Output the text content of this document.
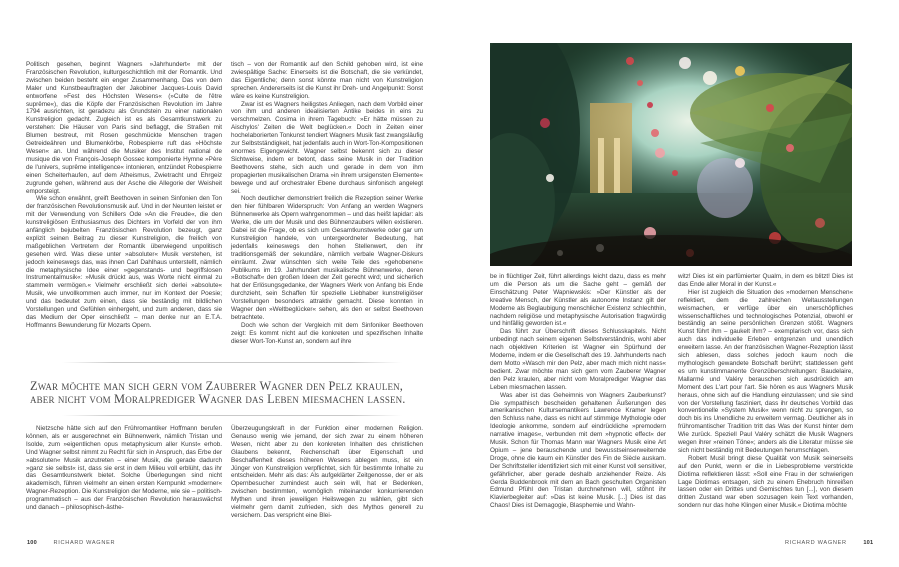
Politisch gesehen, beginnt Wagners »Jahrhundert« mit der Französischen Revolution, kulturgeschichtlich mit der Romantik. Und zwischen beiden besteht ein enger Zusammenhang. Das von dem Maler und Kunstbeauftragten der Jakobiner Jacques-Louis David entworfene »Fest des Höchsten Wesens« (»Culte de l'être suprême«), das die Köpfe der Französischen Revolution im Jahre 1794 ausrichten, ist geradezu als Grundstein zu einer nationalen Kunstreligion gedacht. Zugleich ist es als Gesamtkunstwerk zu verstehen: Die Häuser von Paris sind beflaggt, die Straßen mit Blumen bestreut, mit Rosen geschmückte Menschen tragen Getreideähren und Blumenkörbe, Robespierre ruft das »Höchste Wesen« an. Und während die Musiker des Institut national de musique die von François-Joseph Gossec komponierte Hymne »Père de l'univers, suprême intelligence« intonieren, entzündet Robespierre einen Scheiterhaufen, auf dem Atheismus, Zwietracht und Ehrgeiz zugrunde gehen, während aus der Asche die Allegorie der Weisheit emporsteigt.

Wie schon erwähnt, greift Beethoven in seinen Sinfonien den Ton der französischen Revolutionsmusik auf. Und in der Neunten leistet er mit der Verwendung von Schillers Ode »An die Freude«, die den kunstreligiösen Enthusiasmus des Dichters im Vorfeld der von ihm anfänglich bejubelten Französischen Revolution bezeugt, ganz explizit seinen Beitrag zu dieser Kunstreligion, die freilich von maßgeblichen Vertretern der Romantik überwiegend unpolitisch gesehen wird. Was diese unter »absoluter« Musik verstehen, ist jedoch keineswegs das, was ihnen Carl Dahlhaus unterstellt, nämlich die metaphysische Idee einer »gegenstands- und begriffslosen Instrumentalmusik«: »Musik drückt aus, was Worte nicht einmal zu stammeln vermögen.« Vielmehr erschließt sich derlei »absolute« Musik, wie unvollkommen auch immer, nur im Kontext der Poesie; und das bedeutet zum einen, dass sie beständig mit bildlichen Vorstellungen und Gefühlen einhergeht, und zum anderen, dass sie das Medium der Oper einschließt – man denke nur an E.T.A. Hoffmanns Bewunderung für Mozarts Opern.

tisch – von der Romantik auf den Schild gehoben wird, ist eine zwiespältige Sache: Einerseits ist die Botschaft, die sie verkündet, das Eigentliche; denn sonst könnte man nicht von Kunstreligion sprechen. Andererseits ist die Kunst ihr Dreh- und Angelpunkt: Sonst wäre es keine Kunstreligion.

Zwar ist es Wagners heiligstes Anliegen, nach dem Vorbild einer von ihm und anderen idealisierten Antike beides in eins zu verschmelzen. Cosima in ihrem Tagebuch: »Er hätte müssen zu Aischylos' Zeiten die Welt beglücken.« Doch in Zeiten einer hochelaborierten Tonkunst tendiert Wagners Musik fast zwangsläufig zur Selbstständigkeit, hat jedenfalls auch in Wort-Ton-Kompositionen enormes Eigengewicht. Wagner selbst bekennt sich zu dieser Sichtweise, indem er betont, dass seine Musik in der Tradition Beethovens stehe, sich auch und gerade in dem von ihm propagierten musikalischen Drama »in ihrem ursigensten Elemente« bewege und auf orchestraler Ebene durchaus sinfonisch angelegt sei.

Noch deutlicher demonstriert freilich die Rezeption seiner Werke den hier fühlbaren Widerspruch: Von Anfang an werden Wagners Bühnenwerke als Opern wahrgenommen – und das heißt lapidar: als Werke, die um der Musik und des Bühnenzaubers willen existieren. Dabei ist die Frage, ob es sich um Gesamtkunstwerke oder gar um Kunstreligion handele, von untergeordneter Bedeutung, hat jedenfalls keineswegs den hohen Stellenwert, den ihr traditionsgemäß der sekundäre, nämlich verbale Wagner-Diskurs einräumt. Zwar wünschten sich weite Teile des »gehobenen« Publikums im 19. Jahrhundert musikalische Bühnenwerke, deren »Botschaft« den großen Ideen der Zeit gerecht wird; und sicherlich hat der Erlösungsgedanke, der Wagners Werk von Anfang bis Ende durchzieht, sein Schaffen für spezielle Liebhaber kunstreligiöser Vorstellungen besonders attraktiv gemacht. Diese konnten in Wagner den »Weltbeglücker« sehen, als den er selbst Beethoven betrachtete.

Doch wie schon der Vergleich mit dem Sinfoniker Beethoven zeigt: Es kommt nicht auf die konkreten und spezifischen Inhalte dieser Wort-Ton-Kunst an, sondern auf ihre

Zwar möchte man sich gern vom Zauberer Wagner den Pelz kraulen,
aber nicht vom Moralprediger Wagner das Leben miesmachen lassen.

Nietzsche hätte sich auf den Frühromantiker Hoffmann berufen können, als er ausgerechnet ein Bühnenwerk, nämlich Tristan und Isolde, zum »eigentlichen opus metaphysicum aller Kunst« erhob. Und Wagner selbst nimmt zu Recht für sich in Anspruch, das Erbe der »absoluten« Musik anzutreten – einer Musik, die gerade dadurch »ganz sie selbst« ist, dass sie erst in dem Milieu voll erblüht, das ihr das Gesamtkunstwerk bietet. Solche Überlegungen sind nicht akademisch, führen vielmehr an einen ersten Kernpunkt »moderner« Wagner-Rezeption. Die Kunstreligion der Moderne, wie sie – politisch-programmatisch – aus der Französischen Revolution herauswächst und danach – philosophisch-ästhe-

Überzeugungskraft in der Funktion einer modernen Religion. Genauso wenig wie jemand, der sich zwar zu einem höheren Wesen, nicht aber zu den konkreten Inhalten des christlichen Glaubens bekennt, Rechenschaft über Eigenschaft und Beschaffenheit dieses höheren Wesens ablegen muss, ist ein Jünger von Kunstreligion verpflichtet, sich für bestimmte Inhalte zu entscheiden. Mehr als das: Als aufgeklärter Zeitgenosse, der er als Opernbesucher zumindest auch sein will, hat er Bedenken, zwischen bestimmten, womöglich miteinander konkurrierenden Mythen und ihren jeweiligen Heilswegen zu wählen, gibt sich vielmehr gern damit zufrieden, sich des Mythos generell zu versichern. Das verspricht eine Blei-

100	RICHARD WAGNER

be in flüchtiger Zeit, führt allerdings leicht dazu, dass es mehr um die Person als um die Sache geht – gemäß der Einschätzung Peter Wapniewskis: »Der Künstler als der kreative Mensch, der Künstler als autonome Instanz gilt der Moderne als Beglaubigung menschlicher Existenz schlechthin, nachdem religiöse und metaphysische Autorisation fragwürdig und hinfällig geworden ist.«

Das führt zur Überschrift dieses Schlusskapitels. Nicht unbedingt nach seinem eigenen Selbstverständnis, wohl aber nach objektiven Kriterien ist Wagner ein Spürhund der Moderne, indem er die Gesellschaft des 19. Jahrhunderts nach dem Motto »Wasch mir den Pelz, aber mach mich nicht nass« bedient. Zwar möchte man sich gern vom Zauberer Wagner den Pelz kraulen, aber nicht vom Moralprediger Wagner das Leben miesmachen lassen.

Was aber ist das Geheimnis von Wagners Zauberkunst? Die sympathisch bescheiden gehaltenen Äußerungen des amerikanischen Kultursemantikers Lawrence Kramer legen den Schluss nahe, dass es nicht auf stimmige Mythologie oder Ideologie ankomme, sondern auf eindrückliche »premodern narrative images«, verbunden mit dem »hypnotic effect« der Musik. Schon für Thomas Mann war Wagners Musik eine Art Opium – jene berauschende und bewusstseinserweiternde Droge, ohne die kaum ein Künstler des Fin de Siècle auskam. Der Schriftsteller identifiziert sich mit einer Kunst voll sensitiver, gefährlicher, aber gerade deshalb anziehender Reize. Als Gerda Buddenbrook mit dem an Bach geschulten Organisten Edmund Pfühl den Tristan durchnehmen will, stöhnt ihr Klavierbegleiter auf: »Das ist keine Musik. [...] Dies ist das Chaos! Dies ist Demagogie, Blasphemie und Wahn-

witz! Dies ist ein parfümierter Qualm, in dem es blitzt! Dies ist das Ende aller Moral in der Kunst.«

Hier ist zugleich die Situation des »modernen Menschen« reflektiert, dem die zahlreichen Weltausstellungen weismachen, er verfüge über ein unerschöpfliches wissenschaftliches und technologisches Potenzial, obwohl er beständig an seine persönlichen Grenzen stößt. Wagners Kunst führt ihm – gaukelt ihm? – exemplarisch vor, dass sich auch das individuelle Erleben entgrenzen und unendlich erweitern lasse. An der französischen Wagner-Rezeption lässt sich ablesen, dass solches jedoch kaum noch die mythologisch gewandete Botschaft berührt; stattdessen geht es um kunstimmanente Grenzüberschreitungen: Baudelaire, Mallarmé und Valéry berauschen sich ausdrücklich am Moment des L'art pour l'art. Sie hören es aus Wagners Musik heraus, ohne sich auf die Handlung einzulassen; und sie sind von der Vorstellung fasziniert, dass ihr deutsches Vorbild das konventionelle »System Musik« wenn nicht zu sprengen, so doch bis ins Unendliche zu erweitern vermag. Deutlicher als in frühromantischer Tradition tritt das Was der Kunst hinter dem Wie zurück. Speziell Paul Valéry schätzt die Musik Wagners wegen ihrer »reinen Töne«; anders als die Literatur müsse sie sich nicht beständig mit Bedeutungen herumschlagen.

Robert Musil bringt diese Qualität von Musik seinerseits auf den Punkt, wenn er die in Liebesprobleme verstrickte Diotima reflektieren lässt: »Soll eine Frau in der schwierigen Lage Diotimas entsagen, sich zu einem Ehebruch hinreißen lassen oder ein Drittes und Gemischtes tun [...], von diesem dritten Zustand war eben sozusagen kein Text vorhanden, sondern nur das hohe Klingen einer Musik.« Diotima möchte

RICHARD WAGNER	101
